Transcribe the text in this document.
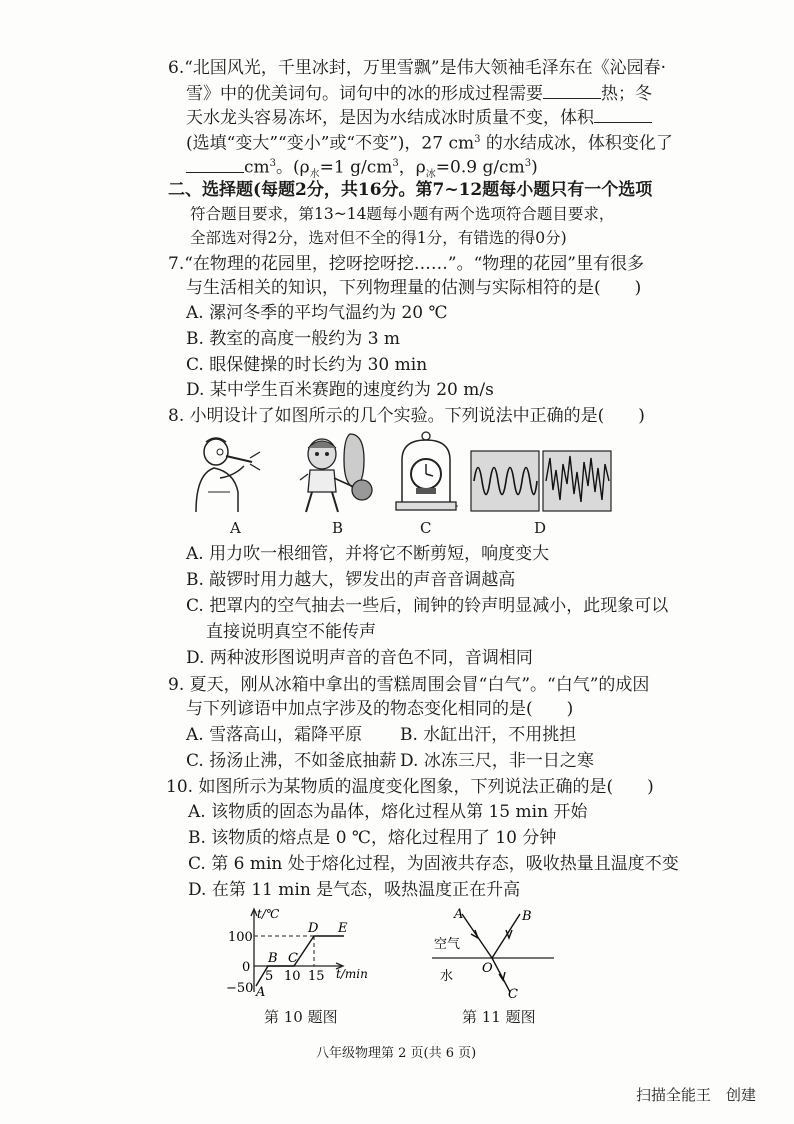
6.“北国风光，千里冰封，万里雪飘”是伟大领袖毛泽东在《沁园春·
雪》中的优美词句。词句中的冰的形成过程需要	热；冬
天水龙头容易冻坏，是因为水结成冰时质量不变，体积
(选填“变大”“变小”或“不变”)，27 $cm^3$ 的水结成冰，体积变化了
$cm^3$。($\rho_水=1$ $g/cm^3$，$\rho_冰=0.9$ $g/cm^3$)
二、选择题(每题2分，共16分。第7~12题每小题只有一个选项
符合题目要求，第13~14题每小题有两个选项符合题目要求，
全部选对得2分，选对但不全的得1分，有错选的得0分)
7.“在物理的花园里，挖呀挖呀挖……”。“物理的花园”里有很多
与生活相关的知识，下列物理量的估测与实际相符的是(　　)
A. 漯河冬季的平均气温约为 20 ℃
B. 教室的高度一般约为 3 m
C. 眼保健操的时长约为 30 min
D. 某中学生百米赛跑的速度约为 20 m/s
8. 小明设计了如图所示的几个实验。下列说法中正确的是(　　)
A	B	C	D
A. 用力吹一根细管，并将它不断剪短，响度变大
B. 敲锣时用力越大，锣发出的声音音调越高
C. 把罩内的空气抽去一些后，闹钟的铃声明显减小，此现象可以
直接说明真空不能传声
D. 两种波形图说明声音的音色不同，音调相同
9. 夏天，刚从冰箱中拿出的雪糕周围会冒“白气”。“白气”的成因
与下列谚语中加点字涉及的物态变化相同的是(　　)
A. 雪落高山，霜降平原 B. 水缸出汗，不用挑担
C. 扬汤止沸，不如釜底抽薪 D. 冰冻三尺，非一日之寒
10. 如图所示为某物质的温度变化图象，下列说法正确的是(　　)
A. 该物质的固态为晶体，熔化过程从第 15 min 开始
B. 该物质的熔点是 0 ℃，熔化过程用了 10 分钟
C. 第 6 min 处于熔化过程，为固液共存态，吸收热量且温度不变
D. 在第 11 min 是气态，吸热温度正在升高
t/℃
100
0
−50
5 10 15 t/min
A
B C
D E
第 10 题图
A	B
O
C
空气
水
第 11 题图
八年级物理第 2 页(共 6 页)
扫描全能王　创建
